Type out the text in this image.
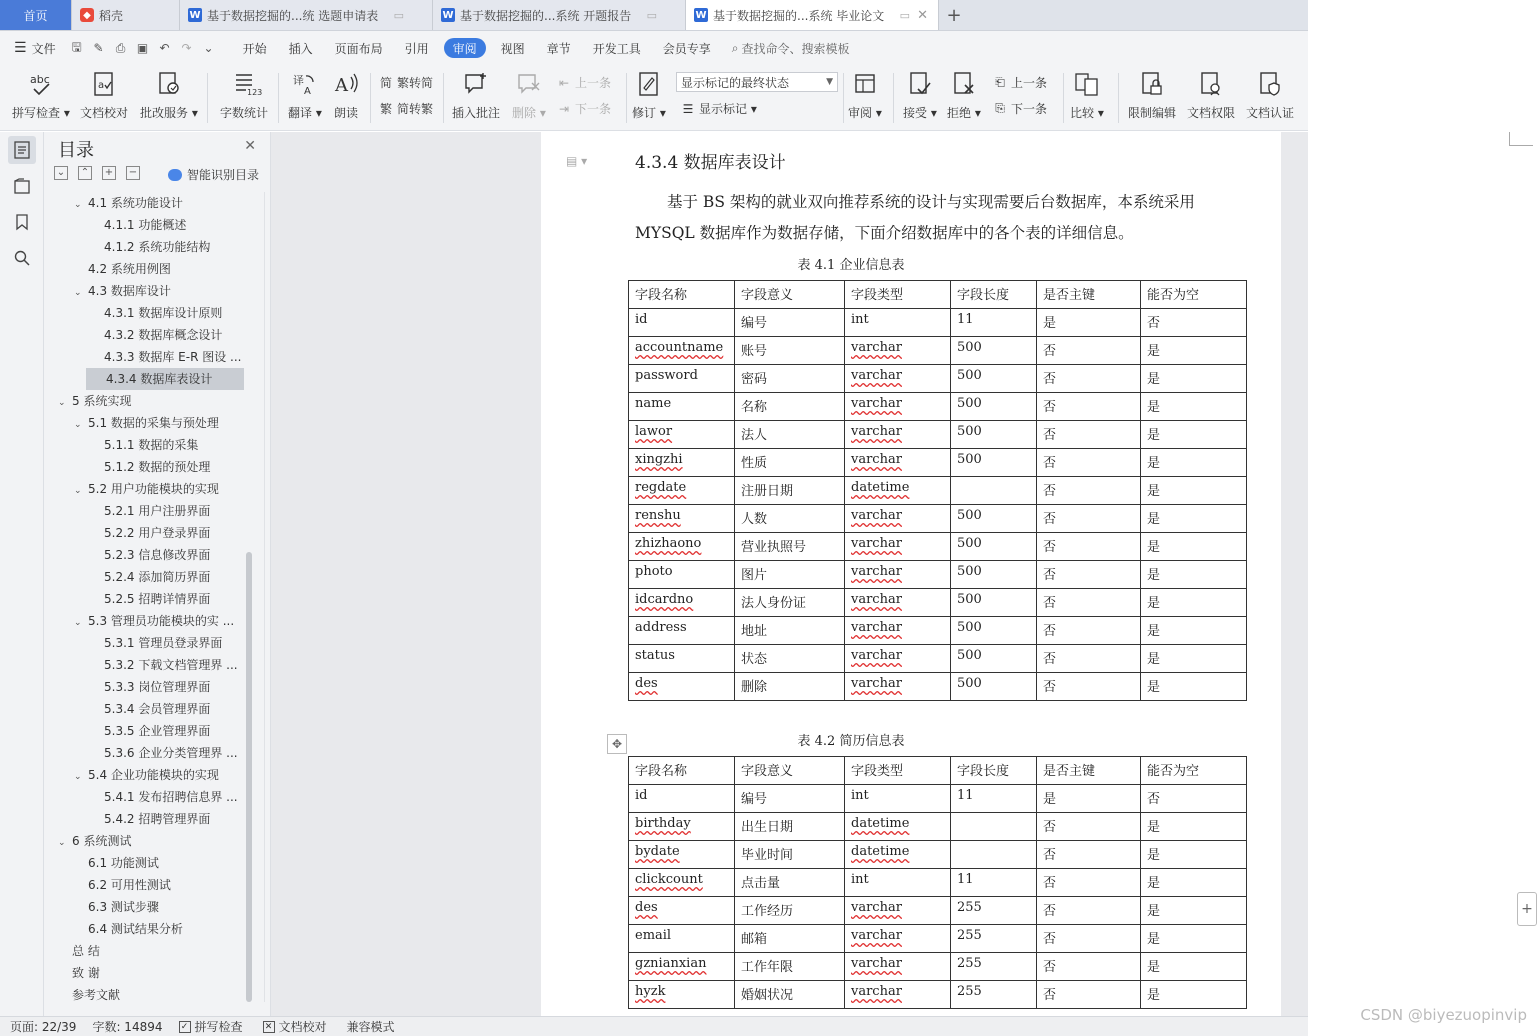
首页	◆ 稻壳	W 基于数据挖掘的...统 选题申请表 ▭	W 基于数据挖掘的...系统 开题报告 ▭	W 基于数据挖掘的...系统 毕业论文 ▭ ✕	+
☰ 文件	🖫 ✎	⎙ ▣ ↶ ↷ ⌄	开始	插入	页面布局	引用	审阅	视图	章节	开发工具	会员专享	⌕ 查找命令、搜索模板
abc
拼写检查 ▾
a
文档校对 批改服务 ▾
123
字数统计
译
A
翻译 ▾
A
朗读
简 繁转简
繁 简转繁 插入批注 删除 ▾
⇤ 上一条
⇥ 下一条 修订 ▾
显示标记的最终状态	▼
☰ 显示标记 ▾	审阅 ▾ 接受 ▾ 拒绝 ▾
⎗ 上一条
⎘ 下一条 比较 ▾ 限制编辑 文档权限 文档认证
目录	✕
⌄ ⌃ + −	智能识别目录
⌄ 4.1 系统功能设计
4.1.1 功能概述
4.1.2 系统功能结构
4.2 系统用例图
⌄ 4.3 数据库设计
4.3.1 数据库设计原则
4.3.2 数据库概念设计
4.3.3 数据库 E-R 图设 ...
4.3.4 数据库表设计
⌄ 5 系统实现
⌄ 5.1 数据的采集与预处理
5.1.1 数据的采集
5.1.2 数据的预处理
⌄ 5.2 用户功能模块的实现
5.2.1 用户注册界面
5.2.2 用户登录界面
5.2.3 信息修改界面
5.2.4 添加简历界面
5.2.5 招聘详情界面
⌄ 5.3 管理员功能模块的实 ...
5.3.1 管理员登录界面
5.3.2 下载文档管理界 ...
5.3.3 岗位管理界面
5.3.4 会员管理界面
5.3.5 企业管理界面
5.3.6 企业分类管理界 ...
⌄ 5.4 企业功能模块的实现
5.4.1 发布招聘信息界 ...
5.4.2 招聘管理界面
⌄ 6 系统测试
6.1 功能测试
6.2 可用性测试
6.3 测试步骤
6.4 测试结果分析
总 结
致 谢
参考文献
▤ ▾	4.3.4 数据库表设计
基于 BS 架构的就业双向推荐系统的设计与实现需要后台数据库，本系统采用
MYSQL 数据库作为数据存储，下面介绍数据库中的各个表的详细信息。
表 4.1 企业信息表
字段名称	字段意义	字段类型	字段长度	是否主键	能否为空
id	编号	int	11	是	否
accountname	账号	varchar	500	否	是
password	密码	varchar	500	否	是
name	名称	varchar	500	否	是
lawor	法人	varchar	500	否	是
xingzhi	性质	varchar	500	否	是
regdate	注册日期	datetime		否	是
renshu	人数	varchar	500	否	是
zhizhaono	营业执照号	varchar	500	否	是
photo	图片	varchar	500	否	是
idcardno	法人身份证	varchar	500	否	是
address	地址	varchar	500	否	是
status	状态	varchar	500	否	是
des	删除	varchar	500	否	是
表 4.2 简历信息表
✥
字段名称	字段意义	字段类型	字段长度	是否主键	能否为空
id	编号	int	11	是	否
birthday	出生日期	datetime		否	是
bydate	毕业时间	datetime		否	是
clickcount	点击量	int	11	否	是
des	工作经历	varchar	255	否	是
email	邮箱	varchar	255	否	是
gznianxian	工作年限	varchar	255	否	是
hyzk	婚姻状况	varchar	255	否	是
+
页面: 22/39 字数: 14894 ✓ 拼写检查 ✕ 文档校对 兼容模式
CSDN @biyezuopinvip
